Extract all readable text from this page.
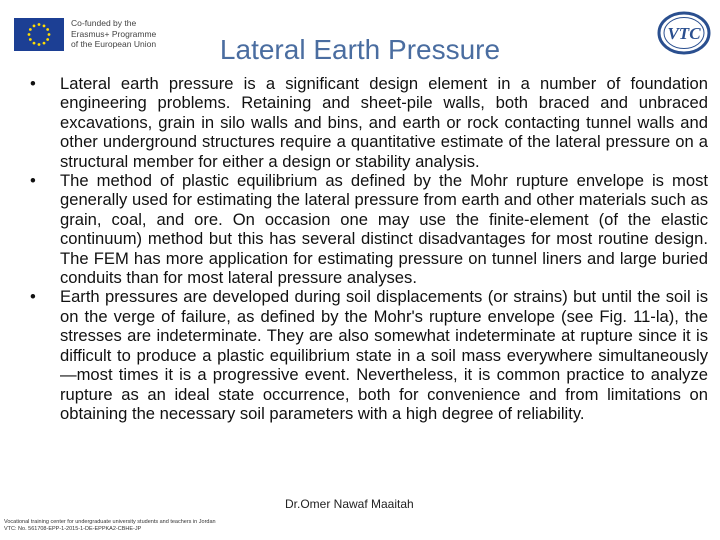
Co-funded by the
Erasmus+ Programme
of the European Union
VTC
Lateral Earth Pressure
•	Lateral earth pressure is a significant design element in a number of foundation engineering problems. Retaining and sheet-pile walls, both braced and unbraced excavations, grain in silo walls and bins, and earth or rock contacting tunnel walls and other underground structures require a quantitative estimate of the lateral pressure on a structural member for either a design or stability analysis.
•	The method of plastic equilibrium as defined by the Mohr rupture envelope is most generally used for estimating the lateral pressure from earth and other materials such as grain, coal, and ore. On occasion one may use the finite-element (of the elastic continuum) method but this has several distinct disadvantages for most routine design. The FEM has more application for estimating pressure on tunnel liners and large buried conduits than for most lateral pressure analyses.
•	Earth pressures are developed during soil displacements (or strains) but until the soil is on the verge of failure, as defined by the Mohr's rupture envelope (see Fig. 11-la), the stresses are indeterminate. They are also somewhat indeterminate at rupture since it is difficult to produce a plastic equilibrium state in a soil mass everywhere simultaneously—most times it is a progressive event. Nevertheless, it is common practice to analyze rupture as an ideal state occurrence, both for convenience and from limitations on obtaining the necessary soil parameters with a high degree of reliability.
Dr.Omer Nawaf Maaitah
Vocational training center for undergraduate university students and teachers in Jordan
VTC: No. 561708-EPP-1-2015-1-DE-EPPKA2-CBHE-JP
